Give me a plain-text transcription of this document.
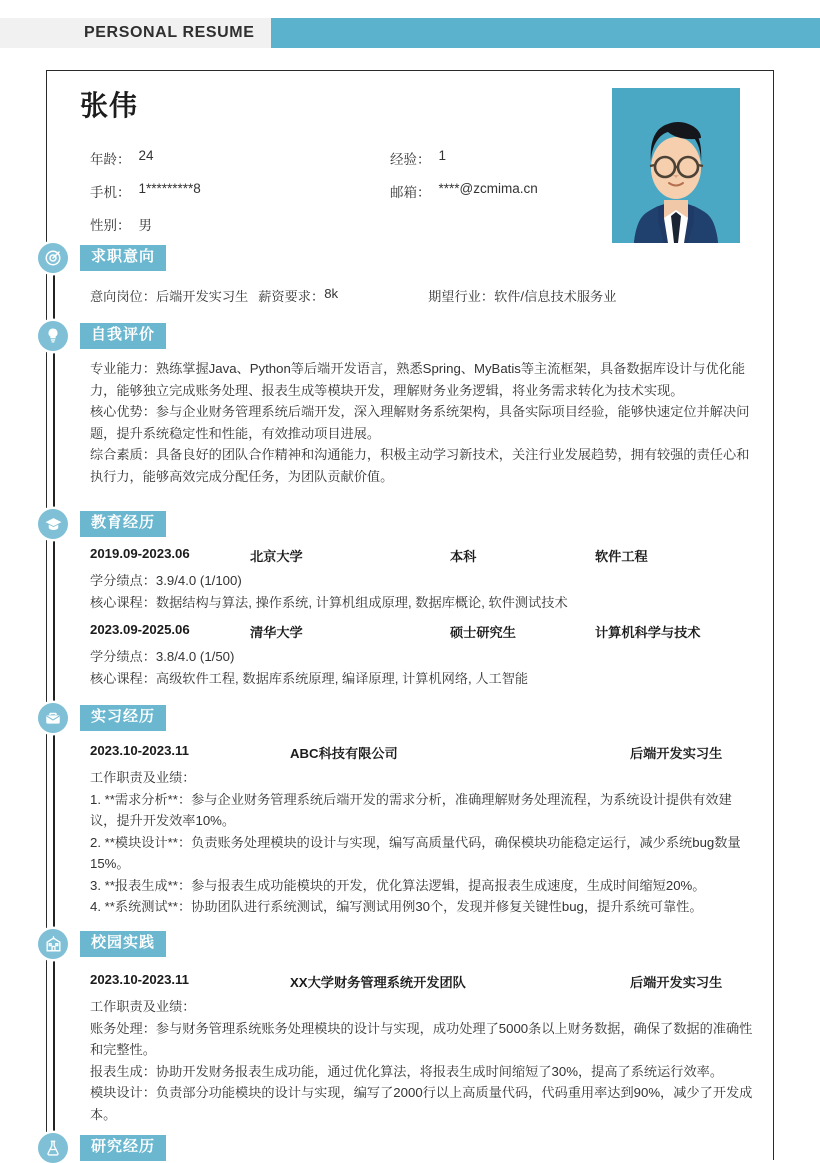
PERSONAL RESUME
张伟
年龄： 24	经验： 1
手机： 1*********8	邮箱： ****@zcmima.cn
性别： 男
求职意向
意向岗位： 后端开发实习生 薪资要求： 8k	期望行业： 软件/信息技术服务业
自我评价

专业能力：熟练掌握Java、Python等后端开发语言，熟悉Spring、MyBatis等主流框架，具备数据库设计与优化能力，能够独立完成账务处理、报表生成等模块开发，理解财务业务逻辑，将业务需求转化为技术实现。

核心优势：参与企业财务管理系统后端开发，深入理解财务系统架构，具备实际项目经验，能够快速定位并解决问题，提升系统稳定性和性能，有效推动项目进展。

综合素质：具备良好的团队合作精神和沟通能力，积极主动学习新技术，关注行业发展趋势，拥有较强的责任心和执行力，能够高效完成分配任务，为团队贡献价值。

教育经历
2019.09-2023.06	北京大学	本科	软件工程

学分绩点：3.9/4.0 (1/100)

核心课程：数据结构与算法, 操作系统, 计算机组成原理, 数据库概论, 软件测试技术

2023.09-2025.06	清华大学	硕士研究生	计算机科学与技术

学分绩点：3.8/4.0 (1/50)

核心课程：高级软件工程, 数据库系统原理, 编译原理, 计算机网络, 人工智能

实习经历
2023.10-2023.11	ABC科技有限公司	后端开发实习生

工作职责及业绩：

1. **需求分析**：参与企业财务管理系统后端开发的需求分析，准确理解财务处理流程，为系统设计提供有效建议，提升开发效率10%。

2. **模块设计**：负责账务处理模块的设计与实现，编写高质量代码，确保模块功能稳定运行，减少系统bug数量15%。

3. **报表生成**：参与报表生成功能模块的开发，优化算法逻辑，提高报表生成速度，生成时间缩短20%。

4. **系统测试**：协助团队进行系统测试，编写测试用例30个，发现并修复关键性bug，提升系统可靠性。

校园实践
2023.10-2023.11	XX大学财务管理系统开发团队	后端开发实习生

工作职责及业绩：

账务处理：参与财务管理系统账务处理模块的设计与实现，成功处理了5000条以上财务数据，确保了数据的准确性和完整性。

报表生成：协助开发财务报表生成功能，通过优化算法，将报表生成时间缩短了30%，提高了系统运行效率。

模块设计：负责部分功能模块的设计与实现，编写了2000行以上高质量代码，代码重用率达到90%，减少了开发成本。

研究经历
